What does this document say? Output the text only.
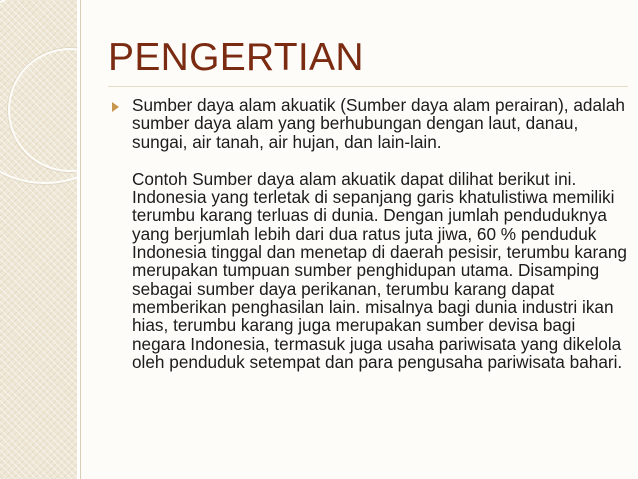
PENGERTIAN

Sumber daya alam akuatik (Sumber daya alam perairan), adalah sumber daya alam yang berhubungan dengan laut, danau, sungai, air tanah, air hujan, dan lain-lain.

Contoh Sumber daya alam akuatik dapat dilihat berikut ini.
Indonesia yang terletak di sepanjang garis khatulistiwa memiliki terumbu karang terluas di dunia. Dengan jumlah penduduknya yang berjumlah lebih dari dua ratus juta jiwa, 60 % penduduk Indonesia tinggal dan menetap di daerah pesisir, terumbu karang merupakan tumpuan sumber penghidupan utama. Disamping sebagai sumber daya perikanan, terumbu karang dapat memberikan penghasilan lain. misalnya bagi dunia industri ikan hias, terumbu karang juga merupakan sumber devisa bagi negara Indonesia, termasuk juga usaha pariwisata yang dikelola oleh penduduk setempat dan para pengusaha pariwisata bahari.
